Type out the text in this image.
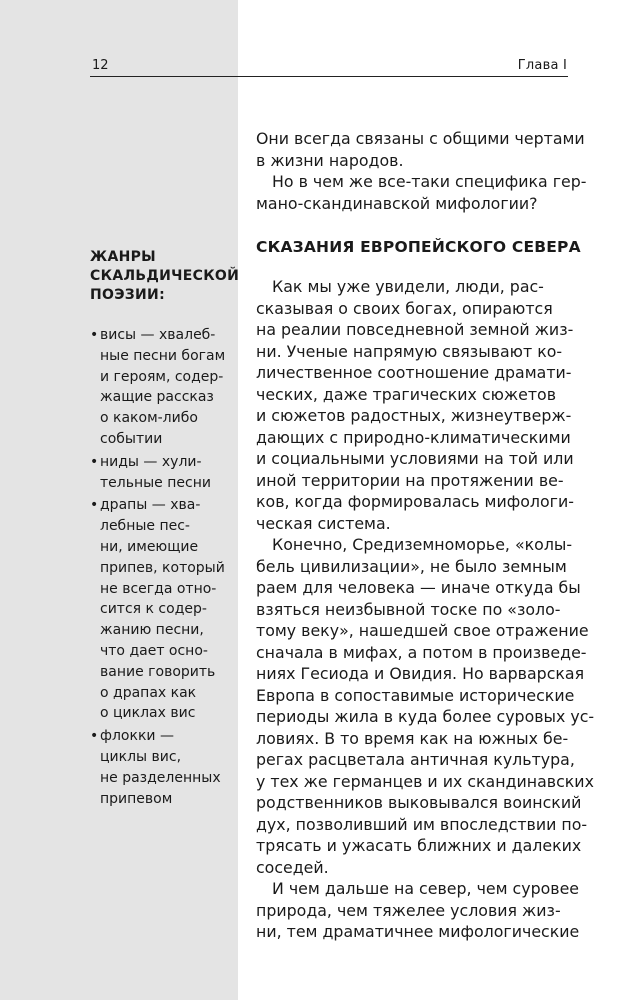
12	Глава I
ЖАНРЫ
СКАЛЬДИЧЕСКОЙ
ПОЭЗИИ:
• висы — хвалеб-
ные песни богам
и героям, содер-
жащие рассказ
о каком-либо
событии
• ниды — хули-
тельные песни
• драпы — хва-
лебные пес-
ни, имеющие
припев, который
не всегда отно-
сится к содер-
жанию песни,
что дает осно-
вание говорить
о драпах как
о циклах вис
• флокки —
циклы вис,
не разделенных
припевом
Они всегда связаны с общими чертами
в жизни народов.
Но в чем же все-таки специфика гер-
мано-скандинавской мифологии?
СКАЗАНИЯ ЕВРОПЕЙСКОГО СЕВЕРА
Как мы уже увидели, люди, рас-
сказывая о своих богах, опираются
на реалии повседневной земной жиз-
ни. Ученые напрямую связывают ко-
личественное соотношение драмати-
ческих, даже трагических сюжетов
и сюжетов радостных, жизнеутверж-
дающих с природно-климатическими
и социальными условиями на той или
иной территории на протяжении ве-
ков, когда формировалась мифологи-
ческая система.
Конечно, Средиземноморье, «колы-
бель цивилизации», не было земным
раем для человека — иначе откуда бы
взяться неизбывной тоске по «золо-
тому веку», нашедшей свое отражение
сначала в мифах, а потом в произведе-
ниях Гесиода и Овидия. Но варварская
Европа в сопоставимые исторические
периоды жила в куда более суровых ус-
ловиях. В то время как на южных бе-
регах расцветала античная культура,
у тех же германцев и их скандинавских
родственников выковывался воинский
дух, позволивший им впоследствии по-
трясать и ужасать ближних и далеких
соседей.
И чем дальше на север, чем суровее
природа, чем тяжелее условия жиз-
ни, тем драматичнее мифологические
